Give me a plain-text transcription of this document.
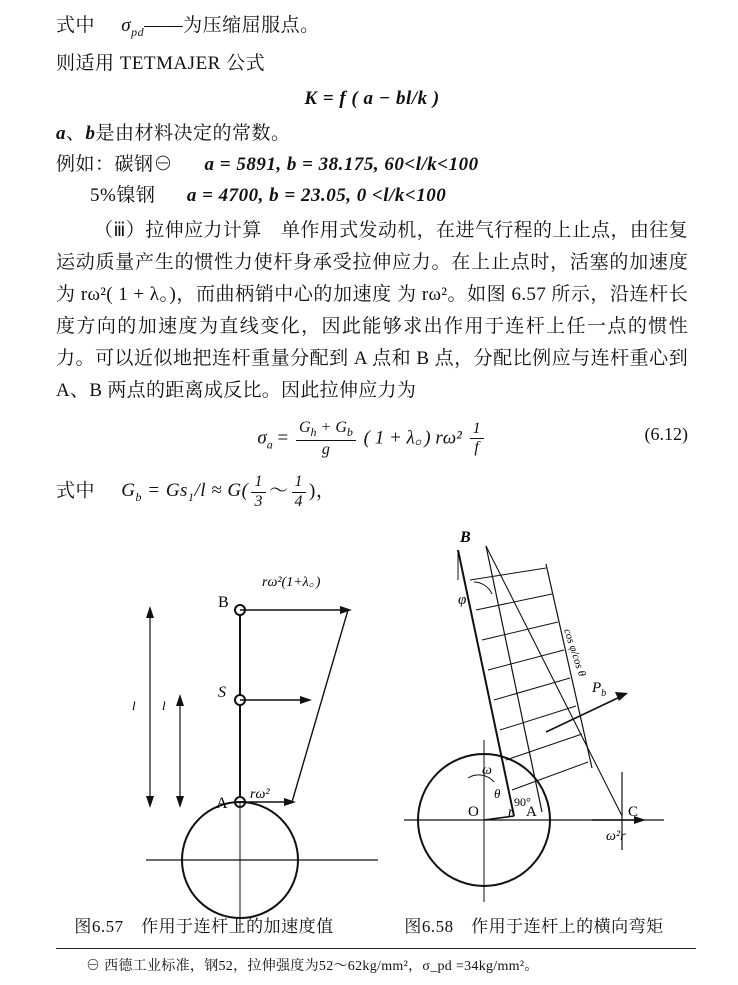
式中 $\sigma_{pd}——$为压缩屈服点。
则适用 TETMAJER 公式
K = f ( a − bl/k )
a、b是由材料决定的常数。
例如：碳钢⊖ a = 5891, b = 38.175, 60<l/k<100
5%镍钢 a = 4700, b = 23.05, 0 <l/k<100
（ⅲ）拉伸应力计算　单作用式发动机，在进气行程的上止点，由往复运动质量产生的惯性力使杆身承受拉伸应力。在上止点时，活塞的加速度为 rω²( 1 + λ。)，而曲柄销中心的加速度 为 rω²。如图 6.57 所示，沿连杆长度方向的加速度为直线变化，因此能够求出作用于连杆上任一点的惯性力。可以近似地把连杆重量分配到 A 点和 B 点，分配比例应与连杆重心到 A、B 两点的距离成反比。因此拉伸应力为
$\sigma_a = \frac{G_h + G_b}{g}$ ( 1 + λ。) $r\omega^2 \frac{1}{f}$	(6.12)
式中 $G_b = Gs_1/l \approx G( \frac{1}{3}$ ～ $\frac{1}{4}$ )，
B
S
A
rω²(1+λ。)
rω²
l
l
B
φ
ω
θ
90°
O r A	C
$P_b$
ω²r
cos φ/cos θ
图6.57　作用于连杆上的加速度值	图6.58　作用于连杆上的横向弯矩
⊖ 西德工业标准，钢52，拉伸强度为52～62kg/mm²，σ_pd =34kg/mm²。
